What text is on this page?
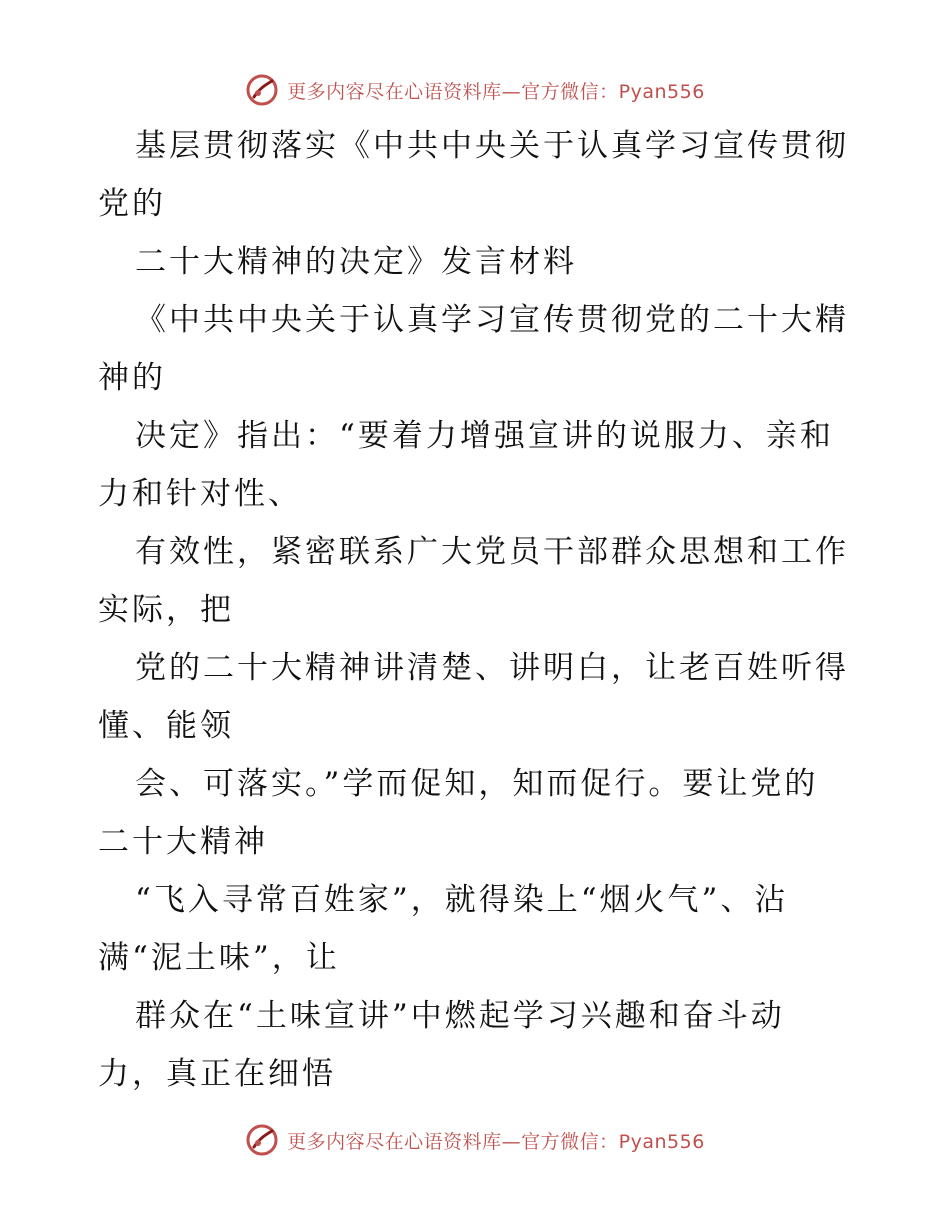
更多内容尽在心语资料库—官方微信：Pyan556
基层贯彻落实《中共中央关于认真学习宣传贯彻
党的
二十大精神的决定》发言材料
《中共中央关于认真学习宣传贯彻党的二十大精
神的
决定》指出：“要着力增强宣讲的说服力、亲和
力和针对性、
有效性，紧密联系广大党员干部群众思想和工作
实际，把
党的二十大精神讲清楚、讲明白，让老百姓听得
懂、能领
会、可落实。”学而促知，知而促行。要让党的
二十大精神
“飞入寻常百姓家”，就得染上“烟火气”、沾
满“泥土味”，让
群众在“土味宣讲”中燃起学习兴趣和奋斗动
力，真正在细悟
更多内容尽在心语资料库—官方微信：Pyan556
